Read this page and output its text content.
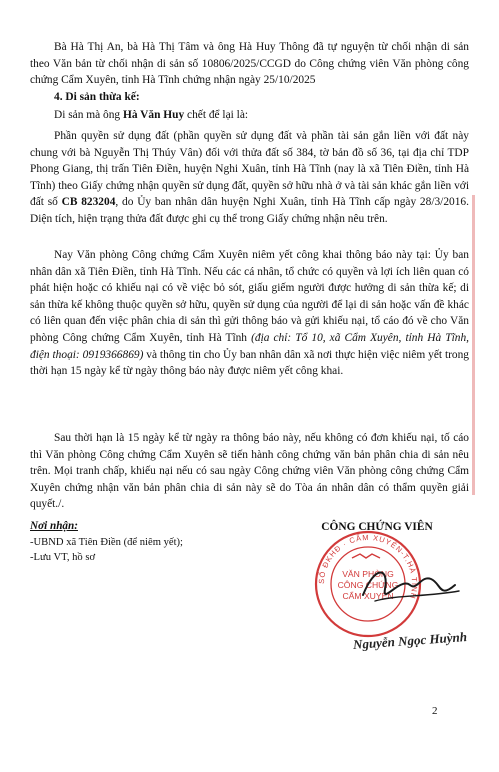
Bà Hà Thị An, bà Hà Thị Tâm và ông Hà Huy Thông đã tự nguyện từ chối nhận di sản theo Văn bản từ chối nhận di sản số 10806/2025/CCGD do Công chứng viên Văn phòng công chứng Cẩm Xuyên, tỉnh Hà Tĩnh chứng nhận ngày 25/10/2025

4. Di sản thừa kế:

Di sản mà ông Hà Văn Huy chết để lại là:

Phần quyền sử dụng đất (phần quyền sử dụng đất và phần tài sản gắn liền với đất này chung với bà Nguyễn Thị Thúy Vân) đối với thửa đất số 384, tờ bản đồ số 36, tại địa chỉ TDP Phong Giang, thị trấn Tiên Điền, huyện Nghi Xuân, tỉnh Hà Tĩnh (nay là xã Tiên Điền, tỉnh Hà Tĩnh) theo Giấy chứng nhận quyền sử dụng đất, quyền sở hữu nhà ở và tài sản khác gắn liền với đất số CB 823204, do Ủy ban nhân dân huyện Nghi Xuân, tỉnh Hà Tĩnh cấp ngày 28/3/2016. Diện tích, hiện trạng thửa đất được ghi cụ thể trong Giấy chứng nhận nêu trên.

Nay Văn phòng Công chứng Cẩm Xuyên niêm yết công khai thông báo này tại: Ủy ban nhân dân xã Tiên Điền, tỉnh Hà Tĩnh. Nếu các cá nhân, tổ chức có quyền và lợi ích liên quan có phát hiện hoặc có khiếu nại có về việc bỏ sót, giấu giếm người được hưởng di sản thừa kế; di sản thừa kế không thuộc quyền sở hữu, quyền sử dụng của người để lại di sản hoặc vấn đề khác có liên quan đến việc phân chia di sản thì gửi thông báo và gửi khiếu nại, tổ cáo đó về cho Văn phòng Công chứng Cẩm Xuyên, tỉnh Hà Tĩnh (địa chỉ: Tổ 10, xã Cẩm Xuyên, tỉnh Hà Tĩnh, điện thoại: 0919366869) và thông tin cho Ủy ban nhân dân xã nơi thực hiện việc niêm yết trong thời hạn 15 ngày kể từ ngày thông báo này được niêm yết công khai.

Sau thời hạn là 15 ngày kể từ ngày ra thông báo này, nếu không có đơn khiếu nại, tố cáo thì Văn phòng Công chứng Cẩm Xuyên sẽ tiến hành công chứng văn bản phân chia di sản nêu trên. Mọi tranh chấp, khiếu nại nếu có sau ngày Công chứng viên Văn phòng công chứng Cẩm Xuyên chứng nhận văn bản phân chia di sản này sẽ do Tòa án nhân dân có thẩm quyền giải quyết./.

Nơi nhận:
-UBND xã Tiên Điền (để niêm yết);
-Lưu VT, hồ sơ
SỐ ĐKHĐ · CẨM XUYÊN-T.HÀ TĨNH
VĂN PHÒNG
CÔNG CHỨNG
CẨM XUYÊN
CÔNG CHỨNG VIÊN
Nguyễn Ngọc Huỳnh
2
